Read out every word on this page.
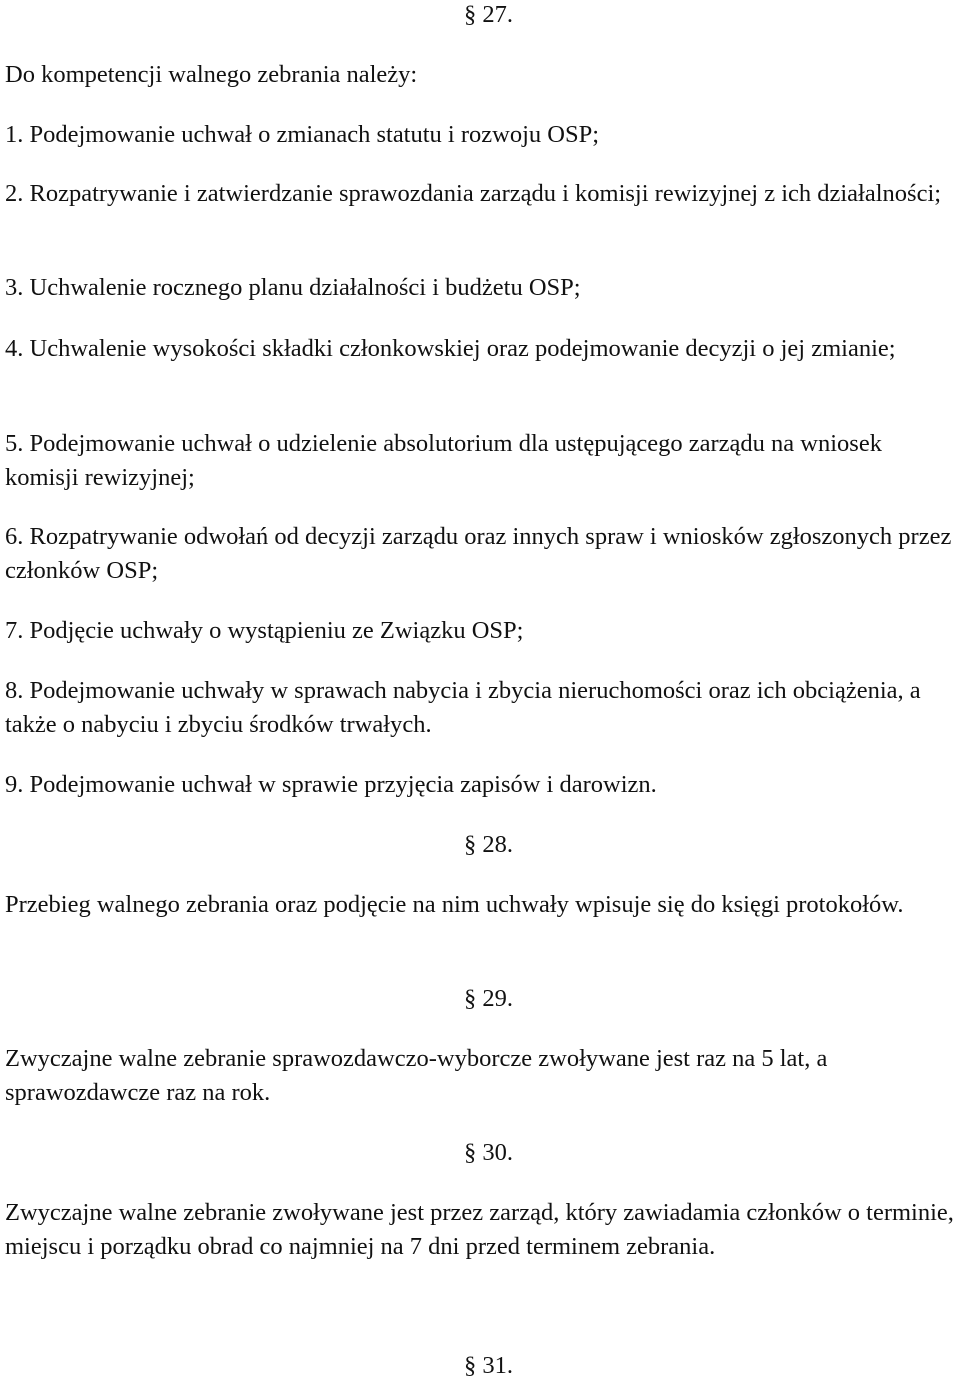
§ 27.
Do kompetencji walnego zebrania należy:
1. Podejmowanie uchwał o zmianach statutu i rozwoju OSP;
2. Rozpatrywanie i zatwierdzanie sprawozdania zarządu i komisji rewizyjnej z ich działalności;
3. Uchwalenie rocznego planu działalności i budżetu OSP;
4. Uchwalenie wysokości składki członkowskiej oraz podejmowanie decyzji o jej zmianie;
5. Podejmowanie uchwał o udzielenie absolutorium dla ustępującego zarządu na wniosek komisji rewizyjnej;
6. Rozpatrywanie odwołań od decyzji zarządu oraz innych spraw i wniosków zgłoszonych przez członków OSP;
7. Podjęcie uchwały o wystąpieniu ze Związku OSP;
8. Podejmowanie uchwały w sprawach nabycia i zbycia nieruchomości oraz ich obciążenia, a także o nabyciu i zbyciu środków trwałych.
9. Podejmowanie uchwał w sprawie przyjęcia zapisów i darowizn.
§ 28.
Przebieg walnego zebrania oraz podjęcie na nim uchwały wpisuje się do księgi protokołów.
§ 29.
Zwyczajne walne zebranie sprawozdawczo-wyborcze zwoływane jest raz na 5 lat, a sprawozdawcze raz na rok.
§ 30.
Zwyczajne walne zebranie zwoływane jest przez zarząd, który zawiadamia członków o terminie, miejscu i porządku obrad co najmniej na 7 dni przed terminem zebrania.
§ 31.
